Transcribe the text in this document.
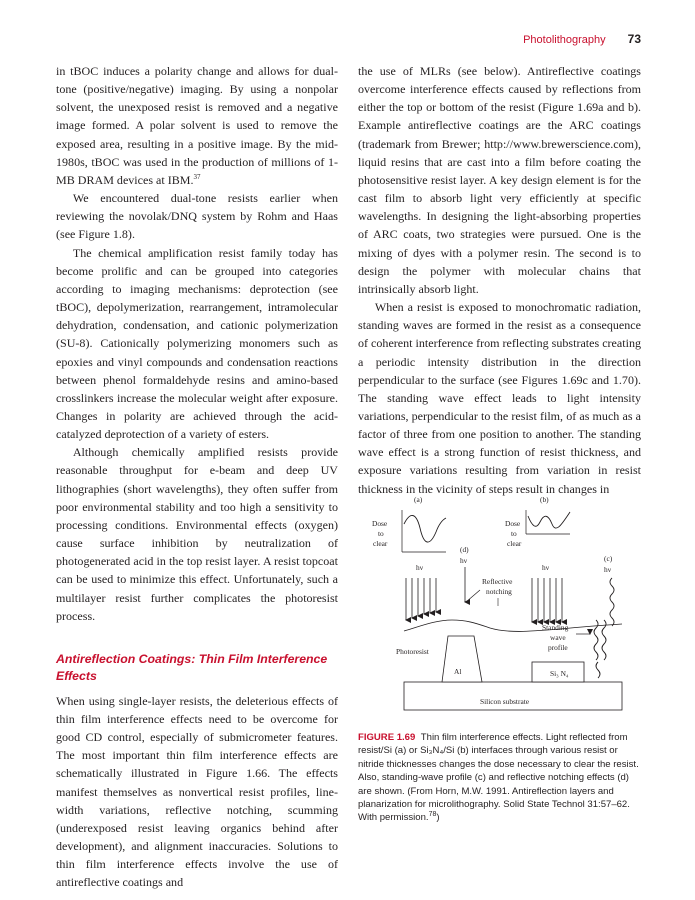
Photolithography 73

in tBOC induces a polarity change and allows for dual-tone (positive/negative) imaging. By using a nonpolar solvent, the unexposed resist is removed and a negative image formed. A polar solvent is used to remove the exposed area, resulting in a positive image. By the mid-1980s, tBOC was used in the production of millions of 1-MB DRAM devices at IBM.$^{37}$

We encountered dual-tone resists earlier when reviewing the novolak/DNQ system by Rohm and Haas (see Figure 1.8).

The chemical amplification resist family today has become prolific and can be grouped into categories according to imaging mechanisms: deprotection (see tBOC), depolymerization, rearrangement, intramolecular dehydration, condensation, and cationic polymerization (SU-8). Cationically polymerizing monomers such as epoxies and vinyl compounds and condensation reactions between phenol formaldehyde resins and amino-based crosslinkers increase the molecular weight after exposure. Changes in polarity are achieved through the acid-catalyzed deprotection of a variety of esters.

Although chemically amplified resists provide reasonable throughput for e-beam and deep UV lithographies (short wavelengths), they often suffer from poor environmental stability and too high a sensitivity to processing conditions. Environmental effects (oxygen) cause surface inhibition by neutralization of photogenerated acid in the top resist layer. A resist topcoat can be used to minimize this effect. Unfortunately, such a multilayer resist further complicates the photoresist process.

Antireflection Coatings: Thin Film Interference Effects

When using single-layer resists, the deleterious effects of thin film interference effects need to be overcome for good CD control, especially of submicrometer features. The most important thin film interference effects are schematically illustrated in Figure 1.66. The effects manifest themselves as nonvertical resist profiles, line-width variations, reflective notching, scumming (underexposed resist leaving organics behind after development), and alignment inaccuracies. Solutions to thin film interference effects involve the use of antireflective coatings and

the use of MLRs (see below). Antireflective coatings overcome interference effects caused by reflections from either the top or bottom of the resist (Figure 1.69a and b). Example antireflective coatings are the ARC coatings (trademark from Brewer; http://www.brewerscience.com), liquid resins that are cast into a film before coating the photosensitive resist layer. A key design element is for the cast film to absorb light very efficiently at specific wavelengths. In designing the light-absorbing properties of ARC coats, two strategies were pursued. One is the mixing of dyes with a polymer resin. The second is to design the polymer with molecular chains that intrinsically absorb light.

When a resist is exposed to monochromatic radiation, standing waves are formed in the resist as a consequence of coherent interference from reflecting substrates creating a periodic intensity distribution in the direction perpendicular to the surface (see Figures 1.69c and 1.70). The standing wave effect leads to light intensity variations, perpendicular to the resist film, of as much as a factor of three from one position to another. The standing wave effect is a strong function of resist thickness, and exposure variations resulting from variation in resist thickness in the vicinity of steps result in changes in

Silicon substrate
Al	Si₃ N₄
Photoresist
(a)
Dose
to
clear
(b)
Dose
to
clear
(d)
hν	(c)
hν
hν	hν
Reflective
notching
Standing
wave
profile
FIGURE 1.69 Thin film interference effects. Light reflected from resist/Si (a) or Si₃N₄/Si (b) interfaces through various resist or nitride thicknesses changes the dose necessary to clear the resist. Also, standing-wave profile (c) and reflective notching effects (d) are shown. (From Horn, M.W. 1991. Antireflection layers and planarization for microlithography. Solid State Technol 31:57–62. With permission.$^{78}$)
